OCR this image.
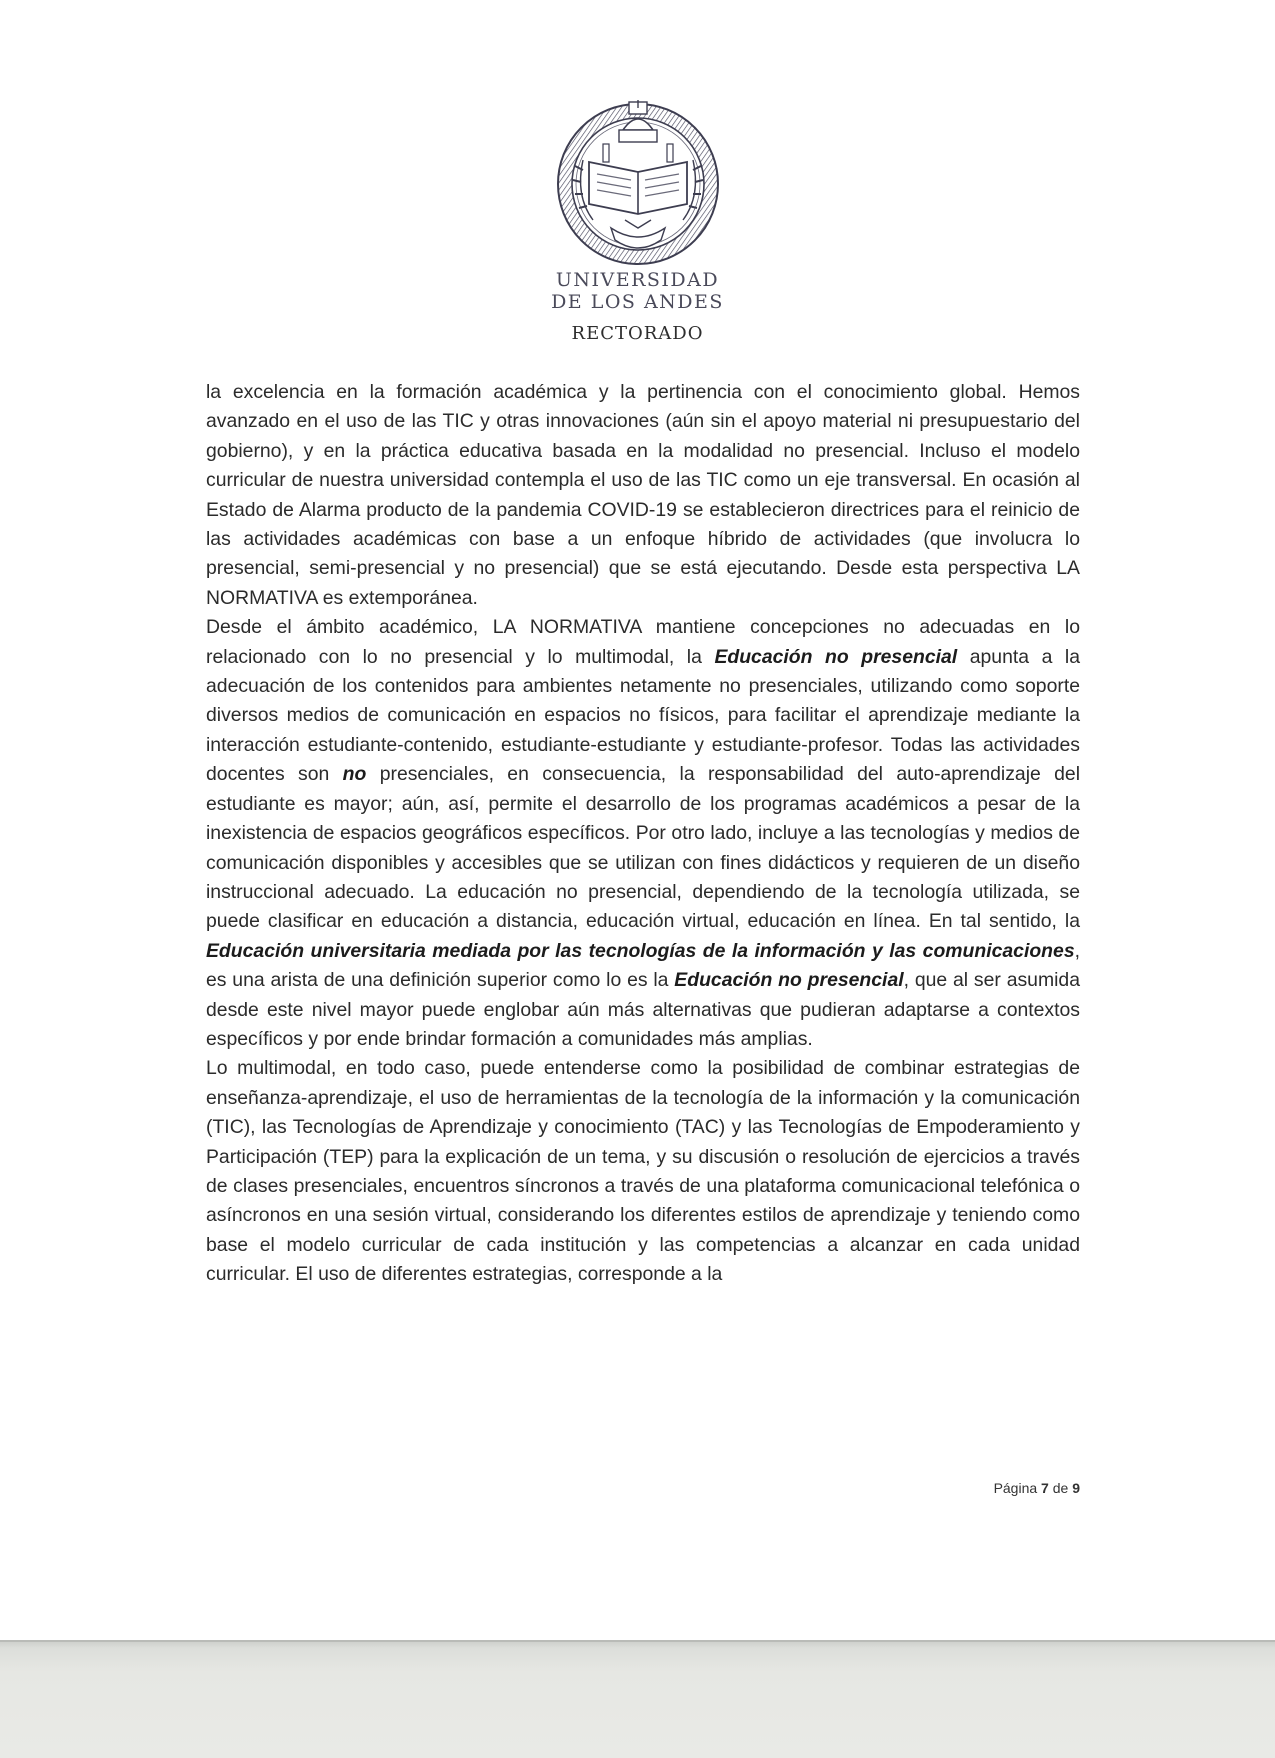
UNIVERSIDAD
DE LOS ANDES
RECTORADO

la excelencia en la formación académica y la pertinencia con el conocimiento global. Hemos avanzado en el uso de las TIC y otras innovaciones (aún sin el apoyo material ni presupuestario del gobierno), y en la práctica educativa basada en la modalidad no presencial. Incluso el modelo curricular de nuestra universidad contempla el uso de las TIC como un eje transversal. En ocasión al Estado de Alarma producto de la pandemia COVID-19 se establecieron directrices para el reinicio de las actividades académicas con base a un enfoque híbrido de actividades (que involucra lo presencial, semi-presencial y no presencial) que se está ejecutando. Desde esta perspectiva LA NORMATIVA es extemporánea.

Desde el ámbito académico, LA NORMATIVA mantiene concepciones no adecuadas en lo relacionado con lo no presencial y lo multimodal, la Educación no presencial apunta a la adecuación de los contenidos para ambientes netamente no presenciales, utilizando como soporte diversos medios de comunicación en espacios no físicos, para facilitar el aprendizaje mediante la interacción estudiante-contenido, estudiante-estudiante y estudiante-profesor. Todas las actividades docentes son no presenciales, en consecuencia, la responsabilidad del auto-aprendizaje del estudiante es mayor; aún, así, permite el desarrollo de los programas académicos a pesar de la inexistencia de espacios geográficos específicos. Por otro lado, incluye a las tecnologías y medios de comunicación disponibles y accesibles que se utilizan con fines didácticos y requieren de un diseño instruccional adecuado. La educación no presencial, dependiendo de la tecnología utilizada, se puede clasificar en educación a distancia, educación virtual, educación en línea. En tal sentido, la Educación universitaria mediada por las tecnologías de la información y las comunicaciones, es una arista de una definición superior como lo es la Educación no presencial, que al ser asumida desde este nivel mayor puede englobar aún más alternativas que pudieran adaptarse a contextos específicos y por ende brindar formación a comunidades más amplias.

Lo multimodal, en todo caso, puede entenderse como la posibilidad de combinar estrategias de enseñanza-aprendizaje, el uso de herramientas de la tecnología de la información y la comunicación (TIC), las Tecnologías de Aprendizaje y conocimiento (TAC) y las Tecnologías de Empoderamiento y Participación (TEP) para la explicación de un tema, y su discusión o resolución de ejercicios a través de clases presenciales, encuentros síncronos a través de una plataforma comunicacional telefónica o asíncronos en una sesión virtual, considerando los diferentes estilos de aprendizaje y teniendo como base el modelo curricular de cada institución y las competencias a alcanzar en cada unidad curricular. El uso de diferentes estrategias, corresponde a la

Página 7 de 9
